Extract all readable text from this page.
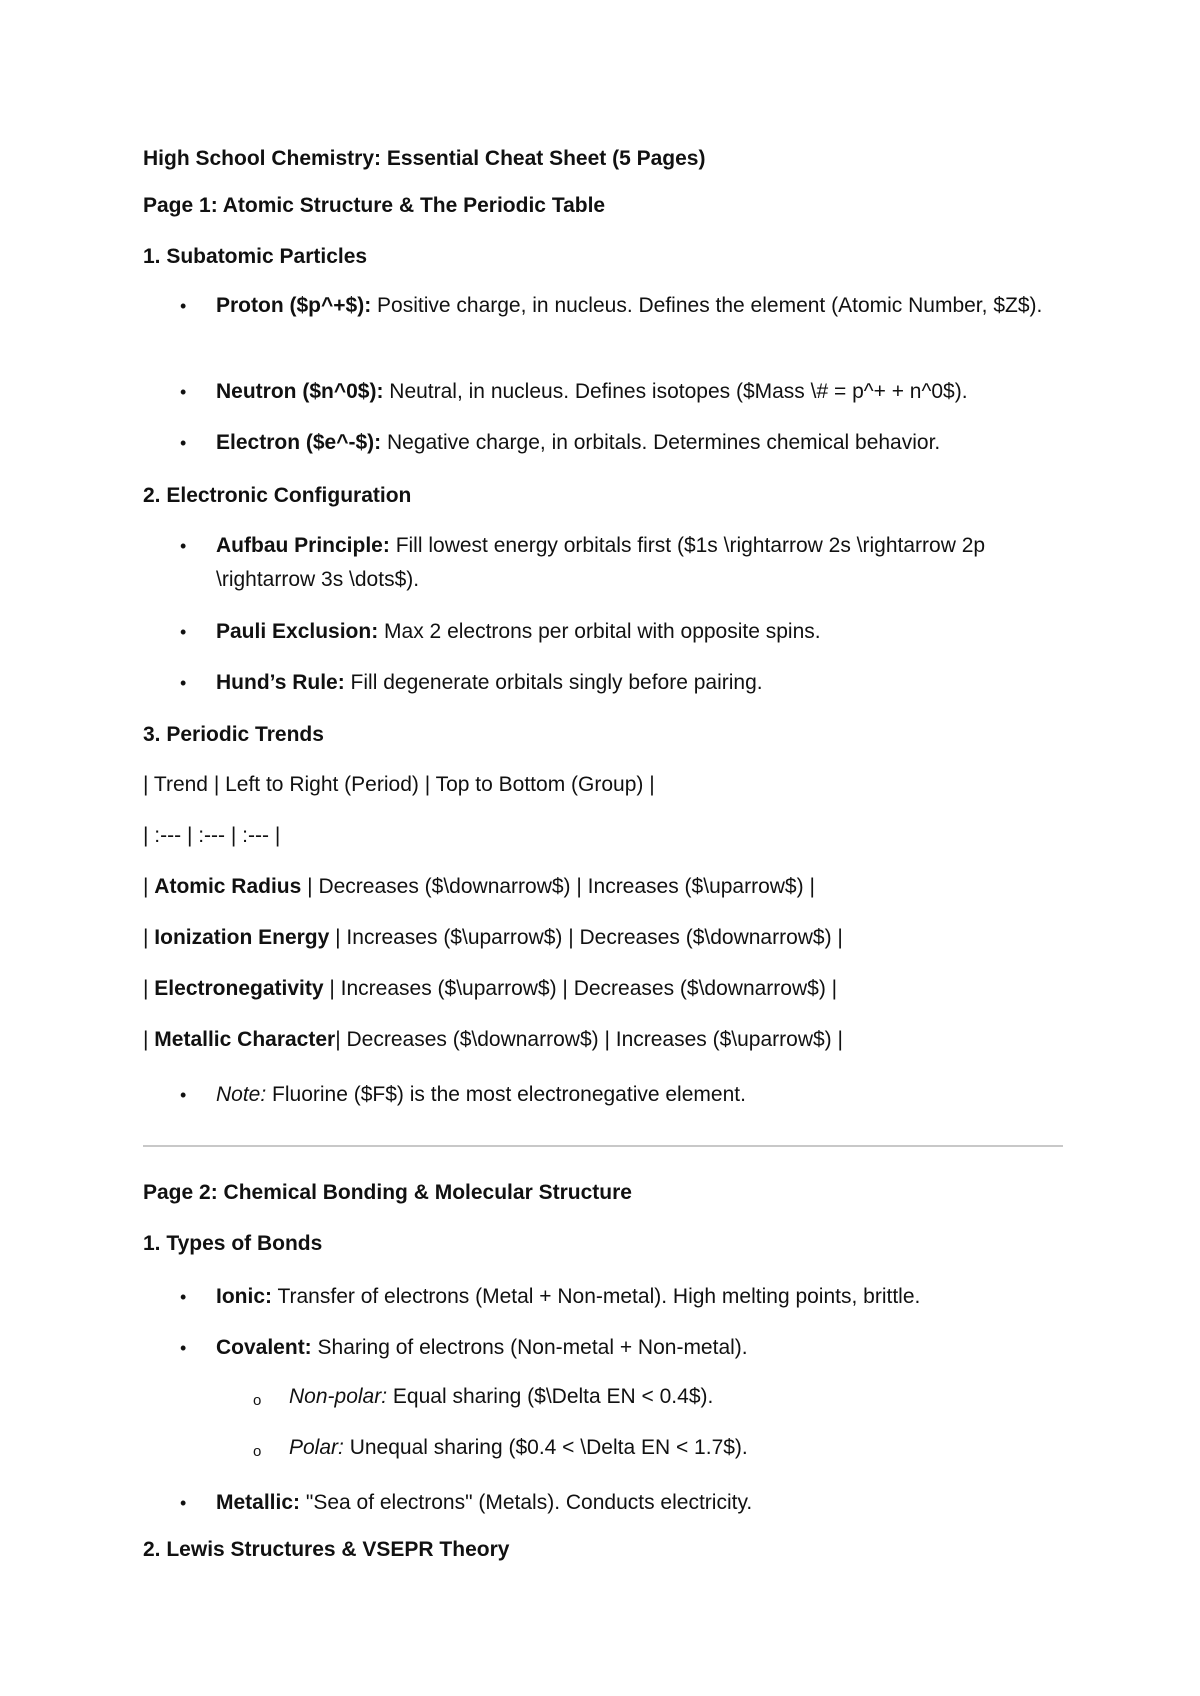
High School Chemistry: Essential Cheat Sheet (5 Pages)
Page 1: Atomic Structure & The Periodic Table
1. Subatomic Particles
• Proton ($p^+$): Positive charge, in nucleus. Defines the element (Atomic Number, $Z$).
• Neutron ($n^0$): Neutral, in nucleus. Defines isotopes ($Mass \# = p^+ + n^0$).
• Electron ($e^-$): Negative charge, in orbitals. Determines chemical behavior.
2. Electronic Configuration
• Aufbau Principle: Fill lowest energy orbitals first ($1s \rightarrow 2s \rightarrow 2p \rightarrow 3s \dots$).
• Pauli Exclusion: Max 2 electrons per orbital with opposite spins.
• Hund’s Rule: Fill degenerate orbitals singly before pairing.
3. Periodic Trends
| Trend | Left to Right (Period) | Top to Bottom (Group) |
| :--- | :--- | :--- |
| Atomic Radius | Decreases ($\downarrow$) | Increases ($\uparrow$) |
| Ionization Energy | Increases ($\uparrow$) | Decreases ($\downarrow$) |
| Electronegativity | Increases ($\uparrow$) | Decreases ($\downarrow$) |
| Metallic Character| Decreases ($\downarrow$) | Increases ($\uparrow$) |
• Note: Fluorine ($F$) is the most electronegative element.
Page 2: Chemical Bonding & Molecular Structure
1. Types of Bonds
• Ionic: Transfer of electrons (Metal + Non-metal). High melting points, brittle.
• Covalent: Sharing of electrons (Non-metal + Non-metal).
o Non-polar: Equal sharing ($\Delta EN < 0.4$).
o Polar: Unequal sharing ($0.4 < \Delta EN < 1.7$).
• Metallic: "Sea of electrons" (Metals). Conducts electricity.
2. Lewis Structures & VSEPR Theory
